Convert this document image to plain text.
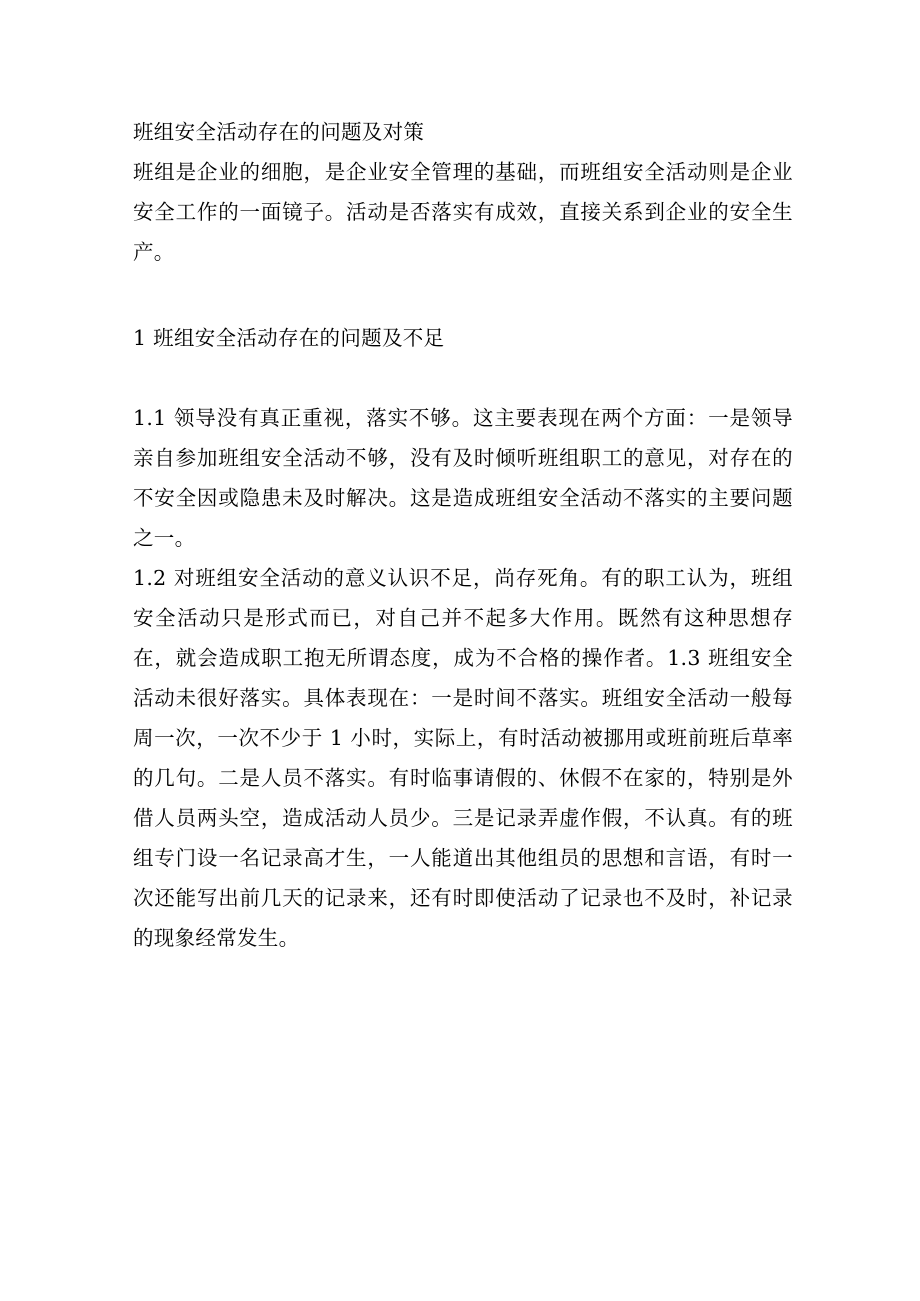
班组安全活动存在的问题及对策

班组是企业的细胞，是企业安全管理的基础，而班组安全活动则是企业安全工作的一面镜子。活动是否落实有成效，直接关系到企业的安全生产。

1 班组安全活动存在的问题及不足

1.1 领导没有真正重视，落实不够。这主要表现在两个方面：一是领导亲自参加班组安全活动不够，没有及时倾听班组职工的意见，对存在的不安全因或隐患未及时解决。这是造成班组安全活动不落实的主要问题之一。

1.2 对班组安全活动的意义认识不足，尚存死角。有的职工认为，班组安全活动只是形式而已，对自己并不起多大作用。既然有这种思想存在，就会造成职工抱无所谓态度，成为不合格的操作者。1.3 班组安全活动未很好落实。具体表现在：一是时间不落实。班组安全活动一般每周一次，一次不少于 1 小时，实际上，有时活动被挪用或班前班后草率的几句。二是人员不落实。有时临事请假的、休假不在家的，特别是外借人员两头空，造成活动人员少。三是记录弄虚作假，不认真。有的班组专门设一名记录高才生，一人能道出其他组员的思想和言语，有时一次还能写出前几天的记录来，还有时即使活动了记录也不及时，补记录的现象经常发生。
